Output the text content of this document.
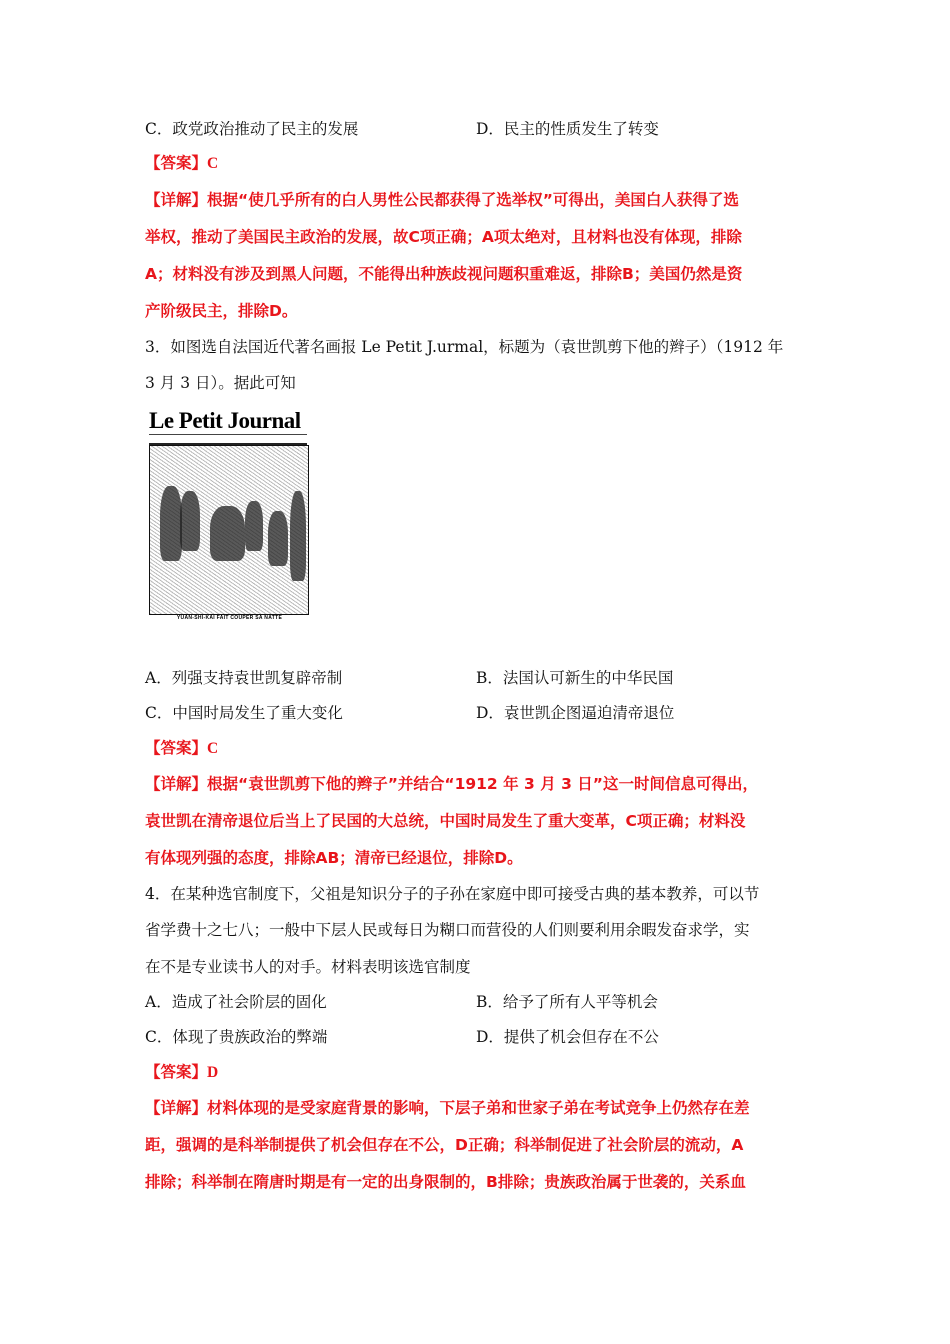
C．政党政治推动了民主的发展	D．民主的性质发生了转变
【答案】C
【详解】根据“使几乎所有的白人男性公民都获得了选举权”可得出，美国白人获得了选
举权，推动了美国民主政治的发展，故C项正确；A项太绝对，且材料也没有体现，排除
A；材料没有涉及到黑人问题，不能得出种族歧视问题积重难返，排除B；美国仍然是资
产阶级民主，排除D。
3．如图选自法国近代著名画报 Le Petit J.urmal，标题为（袁世凯剪下他的辫子）（1912 年
3 月 3 日）。据此可知
Le Petit Journal
YUAN-SHI-KAI FAIT COUPER SA NATTE
A．列强支持袁世凯复辟帝制	B．法国认可新生的中华民国
C．中国时局发生了重大变化	D．袁世凯企图逼迫清帝退位
【答案】C
【详解】根据“袁世凯剪下他的辫子”并结合“1912 年 3 月 3 日”这一时间信息可得出，
袁世凯在清帝退位后当上了民国的大总统，中国时局发生了重大变革，C项正确；材料没
有体现列强的态度，排除AB；清帝已经退位，排除D。
4．在某种选官制度下，父祖是知识分子的子孙在家庭中即可接受古典的基本教养，可以节
省学费十之七八；一般中下层人民或每日为糊口而营役的人们则要利用余暇发奋求学，实
在不是专业读书人的对手。材料表明该选官制度
A．造成了社会阶层的固化	B．给予了所有人平等机会
C．体现了贵族政治的弊端	D．提供了机会但存在不公
【答案】D
【详解】材料体现的是受家庭背景的影响，下层子弟和世家子弟在考试竞争上仍然存在差
距，强调的是科举制提供了机会但存在不公，D正确；科举制促进了社会阶层的流动，A
排除；科举制在隋唐时期是有一定的出身限制的，B排除；贵族政治属于世袭的，关系血
